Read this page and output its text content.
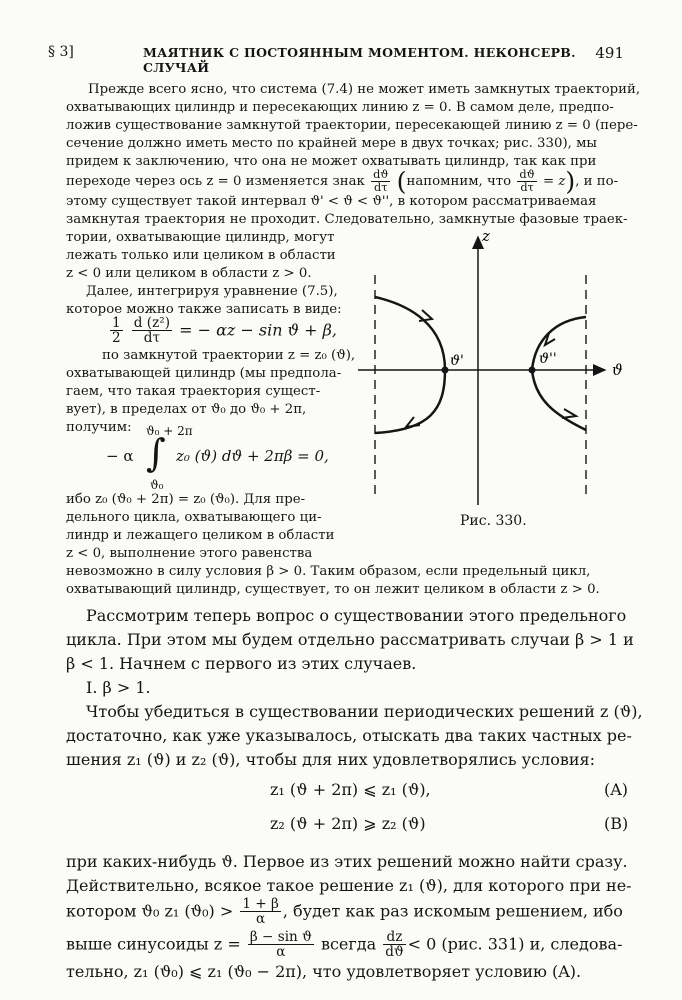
§ 3]	МАЯТНИК С ПОСТОЯННЫМ МОМЕНТОМ. НЕКОНСЕРВ. СЛУЧАЙ
491
Прежде всего ясно, что система (7.4) не может иметь замкнутых траекторий,
охватывающих цилиндр и пересекающих линию z = 0. В самом деле, предпо-
ложив существование замкнутой траектории, пересекающей линию z = 0 (пере-
сечение должно иметь место по крайней мере в двух точках; рис. 330), мы
придем к заключению, что она не может охватывать цилиндр, так как при
переходе через ось z = 0 изменяется знак $\frac{dϑ}{d\tau}$ (напомним, что $\frac{dϑ}{d\tau} = z$), и по-
этому существует такой интервал ϑ' < ϑ < ϑ'', в котором рассматриваемая
замкнутая траектория не проходит. Следовательно, замкнутые фазовые траек-
тории, охватывающие цилиндр, могут
лежать только или целиком в области
z < 0 или целиком в области z > 0.
Далее, интегрируя уравнение (7.5),
которое можно также записать в виде:
$\frac{1}{2}$
$\frac{\text{d (z²)}}{d\tau}$ = − αz − sin ϑ + β,
по замкнутой траектории z = z₀ (ϑ),
охватывающей цилиндр (мы предпола-
гаем, что такая траектория сущест-
вует), в пределах от ϑ₀ до ϑ₀ + 2π,
получим:
− α
ϑ₀ + 2π
∫
ϑ₀
z₀ (ϑ) dϑ + 2πβ = 0,
ибо z₀ (ϑ₀ + 2π) = z₀ (ϑ₀). Для пре-
дельного цикла, охватывающего ци-
линдр и лежащего целиком в области
z < 0, выполнение этого равенства
невозможно в силу условия β > 0. Таким образом, если предельный цикл,
охватывающий цилиндр, существует, то он лежит целиком в области z > 0.
z
ϑ
ϑ'	ϑ''
Рис. 330.
Рассмотрим теперь вопрос о существовании этого предельного
цикла. При этом мы будем отдельно рассматривать случаи β > 1 и
β < 1. Начнем с первого из этих случаев.
I. β > 1.
Чтобы убедиться в существовании периодических решений z (ϑ),
достаточно, как уже указывалось, отыскать два таких частных ре-
шения z₁ (ϑ) и z₂ (ϑ), чтобы для них удовлетворялись условия:
z₁ (ϑ + 2π) ⩽ z₁ (ϑ),	(A)
z₂ (ϑ + 2π) ⩾ z₂ (ϑ)	(B)
при каких-нибудь ϑ. Первое из этих решений можно найти сразу.
Действительно, всякое такое решение z₁ (ϑ), для которого при не-
котором ϑ₀ z₁ $(ϑ_0) > \frac{1 + \beta}{\alpha}$ , будет как раз искомым решением, ибо
выше синусоиды $z = \frac{\text{β − sin ϑ}}{\alpha}$ всегда $\frac{dz}{dϑ} < 0$ (рис. 331) и, следова-
тельно, z₁ (ϑ₀) ⩽ z₁ (ϑ₀ − 2π), что удовлетворяет условию (A).
